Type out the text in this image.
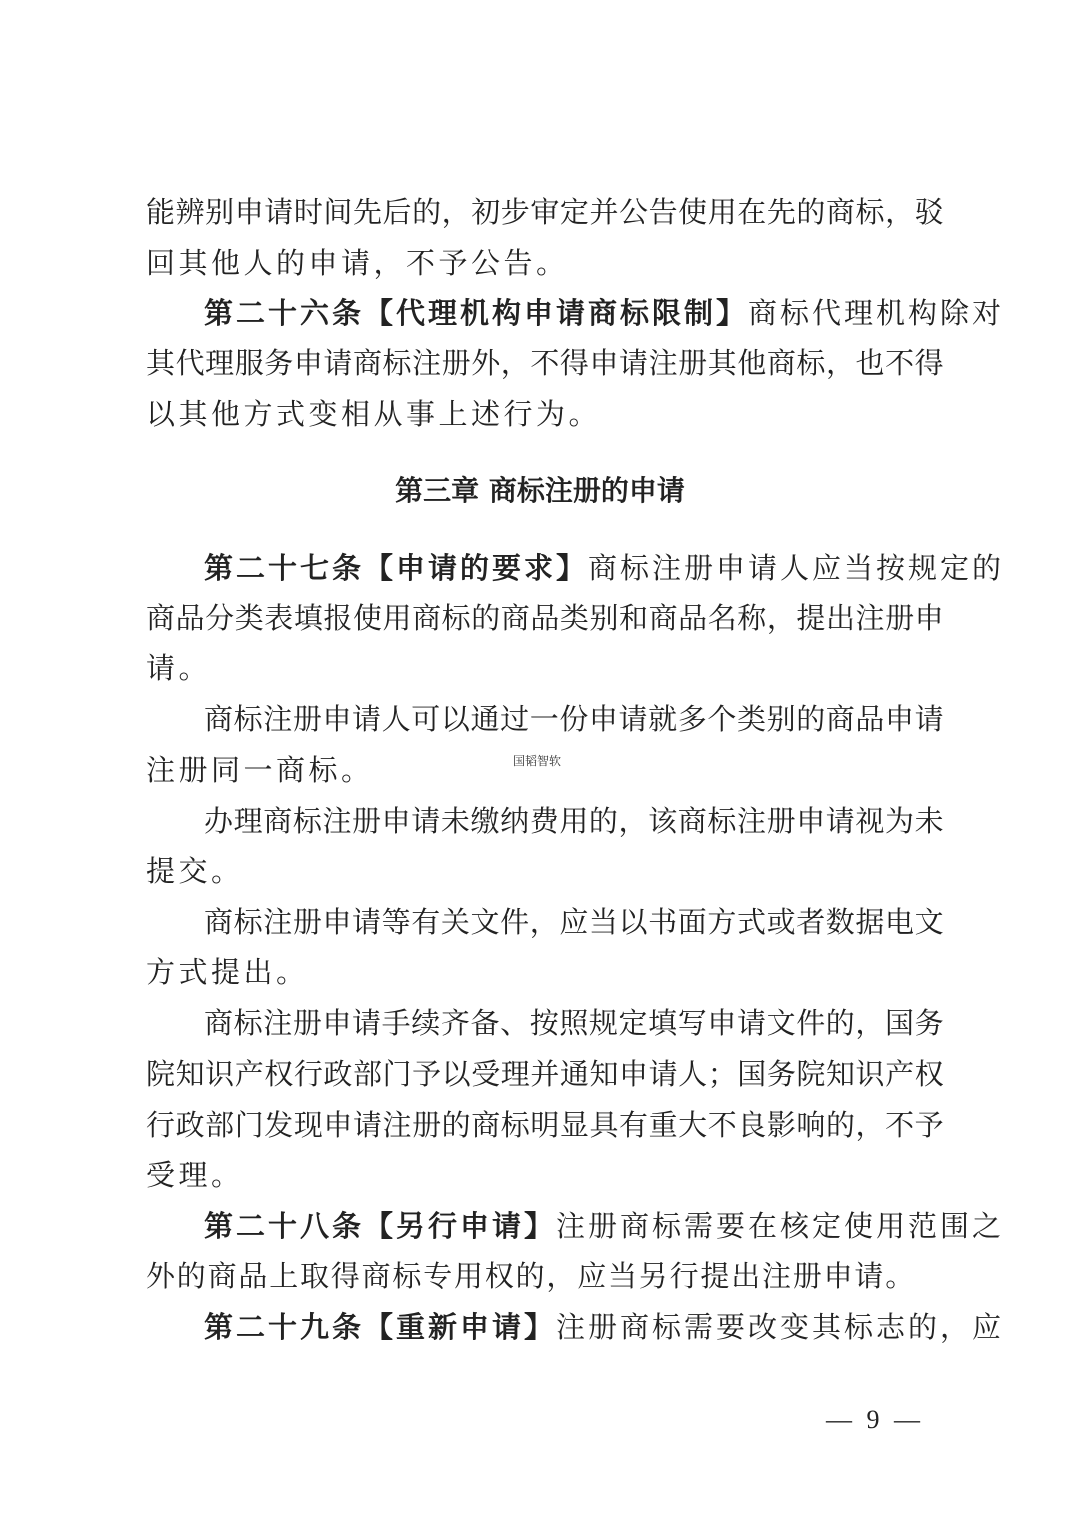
能 辨 别 申 请 时 间 先 后 的 ， 初 步 审 定 并 公 告 使 用 在 先 的 商 标 ， 驳
回其他人的申请，不予公告。
第二十六条【代理机构申请商标限制】 商标代理机构除对
其 代 理 服 务 申 请 商 标 注 册 外 ， 不 得 申 请 注 册 其 他 商 标 ， 也 不 得
以其他方式变相从事上述行为。
第三章 商标注册的申请
第二十七条【申请的要求】 商标注册申请人应当按规定的
商 品 分 类 表 填 报 使 用 商 标 的 商 品 类 别 和 商 品 名 称 ， 提 出 注 册 申
请。
商 标 注 册 申 请 人 可 以 通 过 一 份 申 请 就 多 个 类 别 的 商 品 申 请
注册同一商标。	国韬智软
办 理 商 标 注 册 申 请 未 缴 纳 费 用 的 ， 该 商 标 注 册 申 请 视 为 未
提交。
商 标 注 册 申 请 等 有 关 文 件 ， 应 当 以 书 面 方 式 或 者 数 据 电 文
方式提出。
商 标 注 册 申 请 手 续 齐 备 、 按 照 规 定 填 写 申 请 文 件 的 ， 国 务
院 知 识 产 权 行 政 部 门 予 以 受 理 并 通 知 申 请 人 ； 国 务 院 知 识 产 权
行 政 部 门 发 现 申 请 注 册 的 商 标 明 显 具 有 重 大 不 良 影 响 的 ， 不 予
受理。
第二十八条【另行申请】 注册商标需要在核定使用范围之
外的商品上取得商标专用权的，应当另行提出注册申请。
第二十九条【重新申请】 注册商标需要改变其标志的，应
— 9 —
